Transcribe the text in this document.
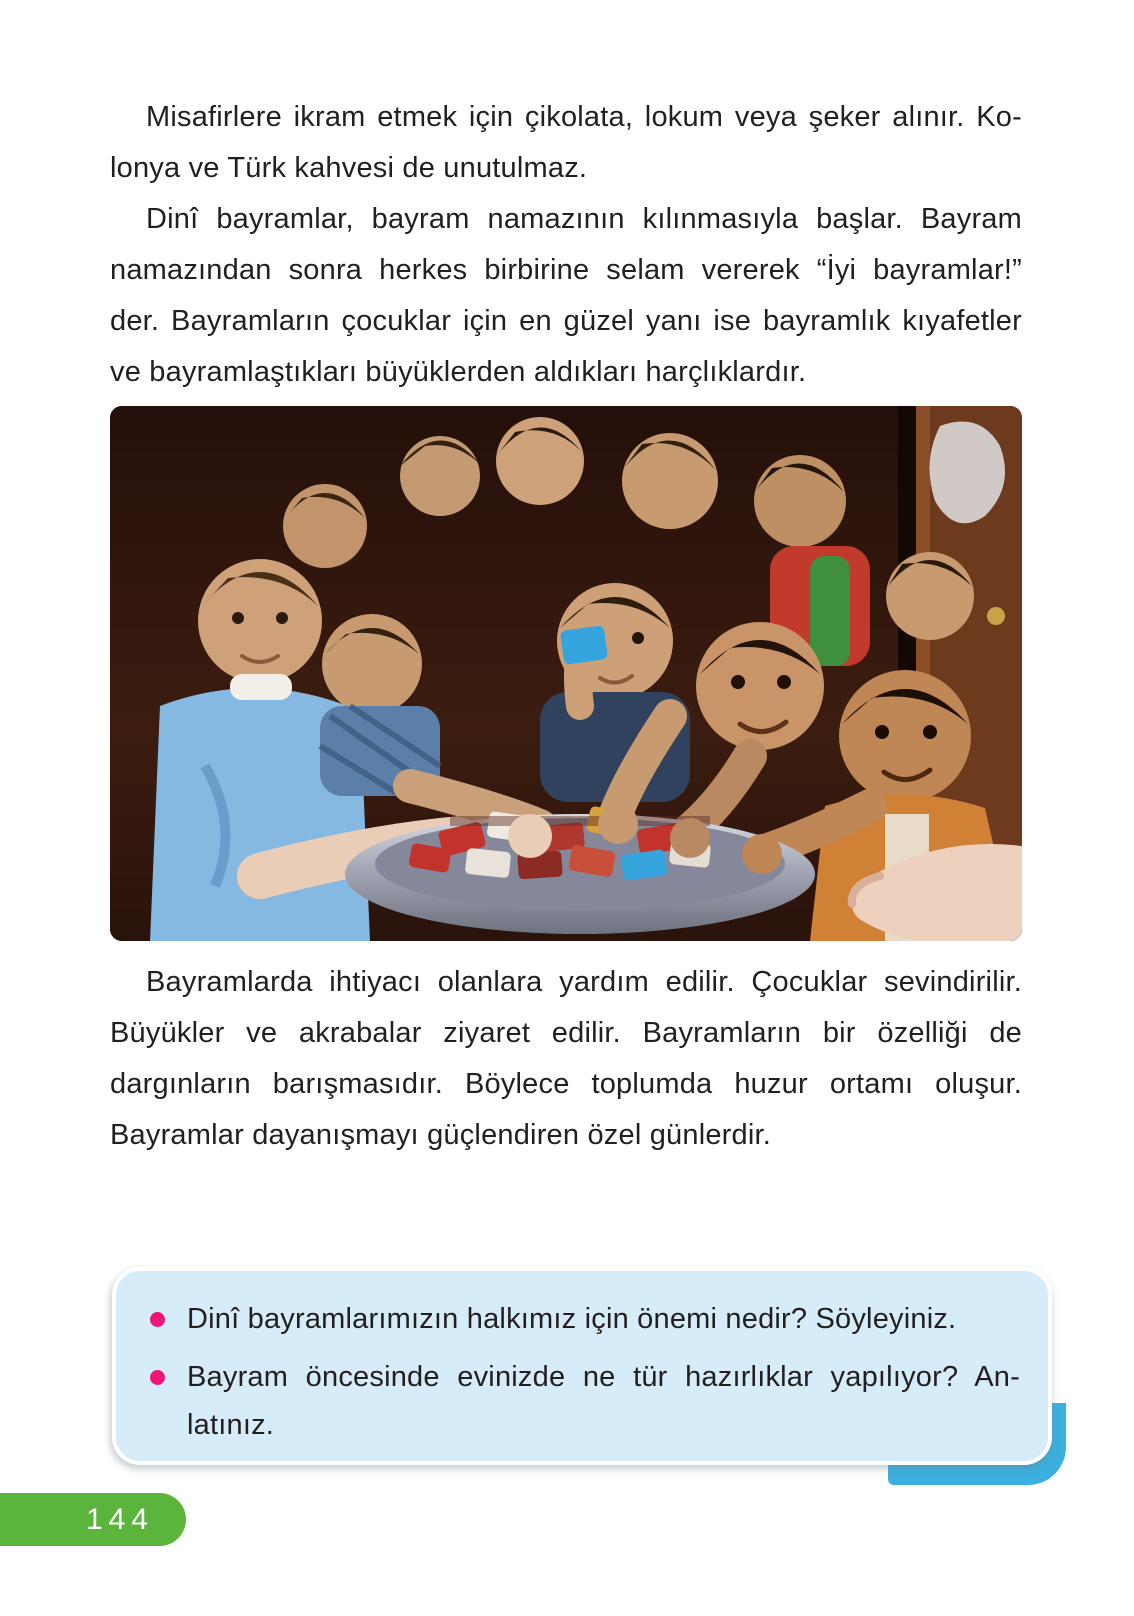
Misafirlere ikram etmek için çikolata, lokum veya şeker alınır. Ko-
lonya ve Türk kahvesi de unutulmaz.
Dinî bayramlar, bayram namazının kılınmasıyla başlar. Bayram
namazından sonra herkes birbirine selam vererek “İyi bayramlar!”
der. Bayramların çocuklar için en güzel yanı ise bayramlık kıyafetler
ve bayramlaştıkları büyüklerden aldıkları harçlıklardır.
Bayramlarda ihtiyacı olanlara yardım edilir. Çocuklar sevindirilir.
Büyükler ve akrabalar ziyaret edilir. Bayramların bir özelliği de
dargınların barışmasıdır. Böylece toplumda huzur ortamı oluşur.
Bayramlar dayanışmayı güçlendiren özel günlerdir.
Dinî bayramlarımızın halkımız için önemi nedir? Söyleyiniz.
Bayram öncesinde evinizde ne tür hazırlıklar yapılıyor? An-
latınız.
144
